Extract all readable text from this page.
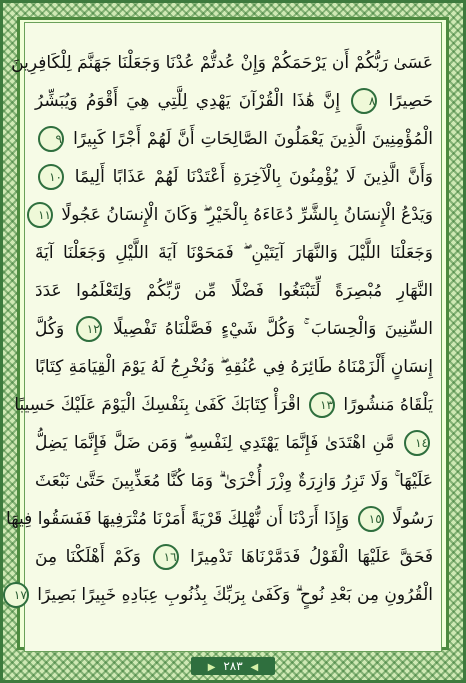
عَسَىٰ رَبُّكُمْ أَن يَرْحَمَكُمْ وَإِنْ عُدتُّمْ عُدْنَا وَجَعَلْنَا جَهَنَّمَ لِلْكَافِرِينَ
حَصِيرًا ٨ إِنَّ هَٰذَا الْقُرْآنَ يَهْدِي لِلَّتِي هِيَ أَقْوَمُ وَيُبَشِّرُ
الْمُؤْمِنِينَ الَّذِينَ يَعْمَلُونَ الصَّالِحَاتِ أَنَّ لَهُمْ أَجْرًا كَبِيرًا ٩
وَأَنَّ الَّذِينَ لَا يُؤْمِنُونَ بِالْآخِرَةِ أَعْتَدْنَا لَهُمْ عَذَابًا أَلِيمًا ١٠
وَيَدْعُ الْإِنسَانُ بِالشَّرِّ دُعَاءَهُ بِالْخَيْرِ ۖ وَكَانَ الْإِنسَانُ عَجُولًا ١١
وَجَعَلْنَا اللَّيْلَ وَالنَّهَارَ آيَتَيْنِ ۖ فَمَحَوْنَا آيَةَ اللَّيْلِ وَجَعَلْنَا آيَةَ
النَّهَارِ مُبْصِرَةً لِّتَبْتَغُوا فَضْلًا مِّن رَّبِّكُمْ وَلِتَعْلَمُوا عَدَدَ
السِّنِينَ وَالْحِسَابَ ۚ وَكُلَّ شَيْءٍ فَصَّلْنَاهُ تَفْصِيلًا ١٢ وَكُلَّ
إِنسَانٍ أَلْزَمْنَاهُ طَائِرَهُ فِي عُنُقِهِ ۖ وَنُخْرِجُ لَهُ يَوْمَ الْقِيَامَةِ كِتَابًا
يَلْقَاهُ مَنشُورًا ١٣ اقْرَأْ كِتَابَكَ كَفَىٰ بِنَفْسِكَ الْيَوْمَ عَلَيْكَ حَسِيبًا
١٤ مَّنِ اهْتَدَىٰ فَإِنَّمَا يَهْتَدِي لِنَفْسِهِ ۖ وَمَن ضَلَّ فَإِنَّمَا يَضِلُّ
عَلَيْهَا ۚ وَلَا تَزِرُ وَازِرَةٌ وِزْرَ أُخْرَىٰ ۗ وَمَا كُنَّا مُعَذِّبِينَ حَتَّىٰ نَبْعَثَ
رَسُولًا ١٥ وَإِذَا أَرَدْنَا أَن نُّهْلِكَ قَرْيَةً أَمَرْنَا مُتْرَفِيهَا فَفَسَقُوا فِيهَا
فَحَقَّ عَلَيْهَا الْقَوْلُ فَدَمَّرْنَاهَا تَدْمِيرًا ١٦ وَكَمْ أَهْلَكْنَا مِنَ
الْقُرُونِ مِن بَعْدِ نُوحٍ ۗ وَكَفَىٰ بِرَبِّكَ بِذُنُوبِ عِبَادِهِ خَبِيرًا بَصِيرًا ١٧
◀ ٢٨٣ ▶
